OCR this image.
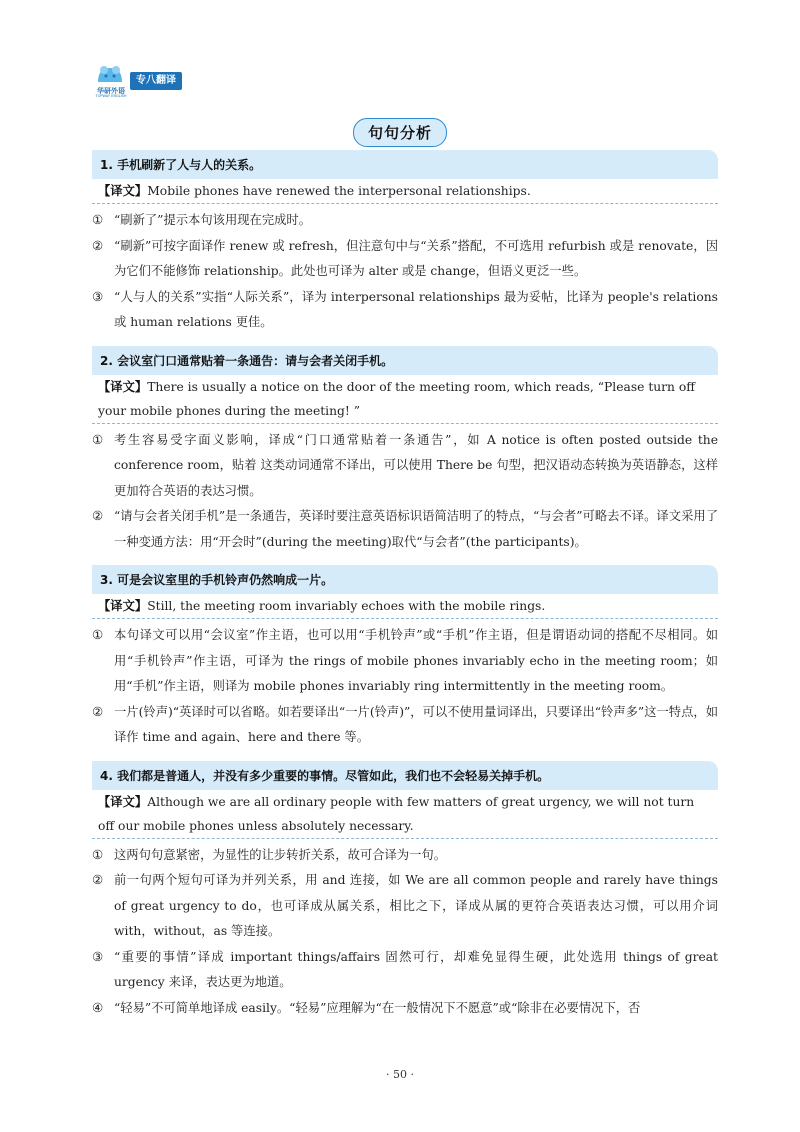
华研外语
TOPWAY ENGLISH
专八翻译
句句分析
1. 手机刷新了人与人的关系。
【译文】Mobile phones have renewed the interpersonal relationships.
① “刷新了”提示本句该用现在完成时。
② “刷新”可按字面译作 renew 或 refresh，但注意句中与“关系”搭配，不可选用 refurbish 或是 renovate，因为它们不能修饰 relationship。此处也可译为 alter 或是 change，但语义更泛一些。
③ “人与人的关系”实指“人际关系”，译为 interpersonal relationships 最为妥帖，比译为 people's relations 或 human relations 更佳。
2. 会议室门口通常贴着一条通告：请与会者关闭手机。
【译文】There is usually a notice on the door of the meeting room, which reads, “Please turn off your mobile phones during the meeting! ”
① 考生容易受字面义影响，译成“门口通常贴着一条通告”，如 A notice is often posted outside the conference room，贴着 这类动词通常不译出，可以使用 There be 句型，把汉语动态转换为英语静态，这样更加符合英语的表达习惯。
② “请与会者关闭手机”是一条通告，英译时要注意英语标识语简洁明了的特点，“与会者”可略去不译。译文采用了一种变通方法：用“开会时”(during the meeting)取代“与会者”(the participants)。
3. 可是会议室里的手机铃声仍然响成一片。
【译文】Still, the meeting room invariably echoes with the mobile rings.
① 本句译文可以用“会议室”作主语，也可以用“手机铃声”或“手机”作主语，但是谓语动词的搭配不尽相同。如用“手机铃声”作主语，可译为 the rings of mobile phones invariably echo in the meeting room；如用“手机”作主语，则译为 mobile phones invariably ring intermittently in the meeting room。
② 一片(铃声)“英译时可以省略。如若要译出“一片(铃声)”，可以不使用量词译出，只要译出“铃声多”这一特点，如译作 time and again、here and there 等。
4. 我们都是普通人，并没有多少重要的事情。尽管如此，我们也不会轻易关掉手机。
【译文】Although we are all ordinary people with few matters of great urgency, we will not turn off our mobile phones unless absolutely necessary.
① 这两句句意紧密，为显性的让步转折关系，故可合译为一句。
② 前一句两个短句可译为并列关系，用 and 连接，如 We are all common people and rarely have things of great urgency to do，也可译成从属关系，相比之下，译成从属的更符合英语表达习惯，可以用介词 with，without，as 等连接。
③ “重要的事情”译成 important things/affairs 固然可行，却难免显得生硬，此处选用 things of great urgency 来译，表达更为地道。
④ “轻易”不可简单地译成 easily。“轻易”应理解为“在一般情况下不愿意”或“除非在必要情况下，否
· 50 ·
